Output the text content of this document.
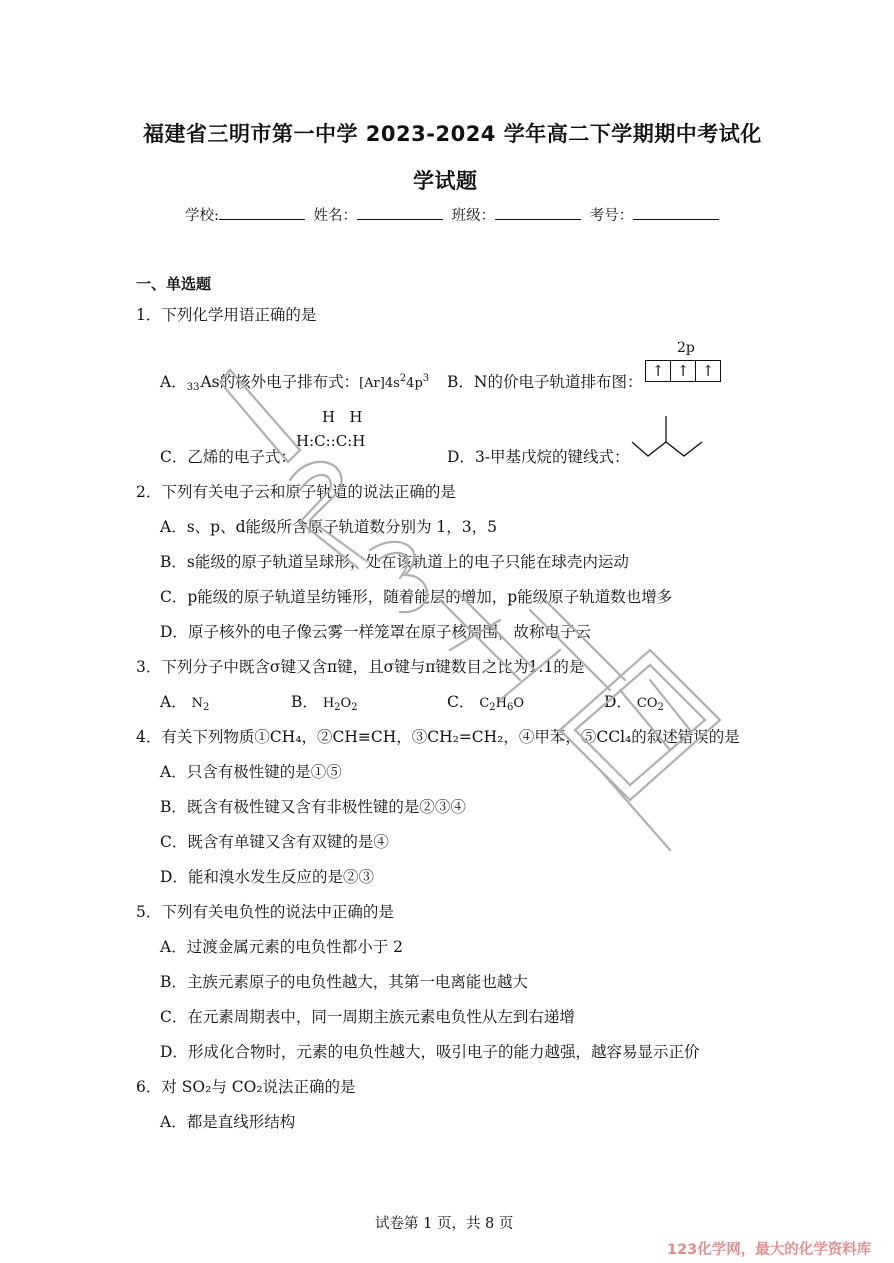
福建省三明市第一中学 2023-2024 学年高二下学期期中考试化
学试题
学校:	姓名：	班级：	考号：
一、单选题
1．下列化学用语正确的是
A．33As的核外电子排布式：$[Ar]4s^24p^3$ B．N的价电子轨道排布图：
2p
↑	↑	↑
C．乙烯的电子式：
H   H
H:C::C:H
D．3-甲基戊烷的键线式：
2．下列有关电子云和原子轨道的说法正确的是
A．s、p、d能级所含原子轨道数分别为 1，3，5
B．s能级的原子轨道呈球形，处在该轨道上的电子只能在球壳内运动
C．p能级的原子轨道呈纺锤形，随着能层的增加，p能级原子轨道数也增多
D．原子核外的电子像云雾一样笼罩在原子核周围，故称电子云
3．下列分子中既含σ键又含π键，且σ键与π键数目之比为1:1的是
A． $N_2$	B． $H_2O_2$	C． $C_2H_6O$	D． $CO_2$
4．有关下列物质①CH₄，②CH≡CH，③CH₂=CH₂，④甲苯，⑤CCl₄的叙述错误的是
A．只含有极性键的是①⑤
B．既含有极性键又含有非极性键的是②③④
C．既含有单键又含有双键的是④
D．能和溴水发生反应的是②③
5．下列有关电负性的说法中正确的是
A．过渡金属元素的电负性都小于 2
B．主族元素原子的电负性越大，其第一电离能也越大
C．在元素周期表中，同一周期主族元素电负性从左到右递增
D．形成化合物时，元素的电负性越大，吸引电子的能力越强，越容易显示正价
6．对 SO₂与 CO₂说法正确的是
A．都是直线形结构
试卷第 1 页，共 8 页
123化学网，最大的化学资料库
